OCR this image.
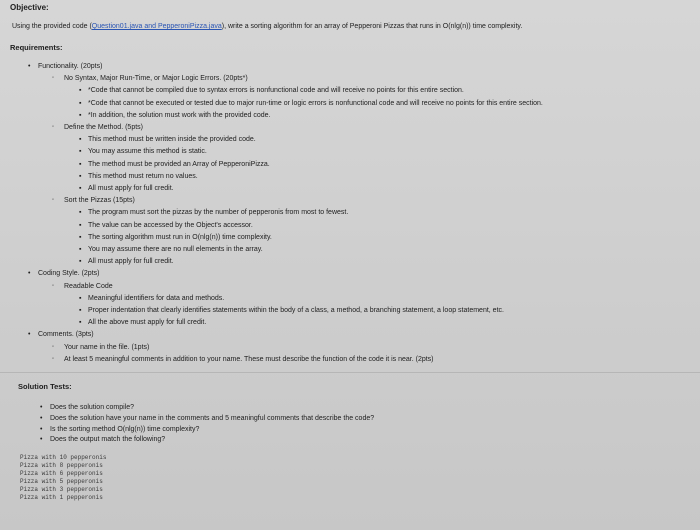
Objective:
Using the provided code (Question01.java and PepperoniPizza.java), write a sorting algorithm for an array of Pepperoni Pizzas that runs in O(nlg(n)) time complexity.
Requirements:
• Functionality. (20pts)
◦ No Syntax, Major Run-Time, or Major Logic Errors. (20pts*)
▪ *Code that cannot be compiled due to syntax errors is nonfunctional code and will receive no points for this entire section.
▪ *Code that cannot be executed or tested due to major run-time or logic errors is nonfunctional code and will receive no points for this entire section.
▪ *In addition, the solution must work with the provided code.
◦ Define the Method. (5pts)
▪ This method must be written inside the provided code.
▪ You may assume this method is static.
▪ The method must be provided an Array of PepperoniPizza.
▪ This method must return no values.
▪ All must apply for full credit.
◦ Sort the Pizzas (15pts)
▪ The program must sort the pizzas by the number of pepperonis from most to fewest.
▪ The value can be accessed by the Object's accessor.
▪ The sorting algorithm must run in O(nlg(n)) time complexity.
▪ You may assume there are no null elements in the array.
▪ All must apply for full credit.
• Coding Style. (2pts)
◦ Readable Code
▪ Meaningful identifiers for data and methods.
▪ Proper indentation that clearly identifies statements within the body of a class, a method, a branching statement, a loop statement, etc.
▪ All the above must apply for full credit.
• Comments. (3pts)
◦ Your name in the file. (1pts)
◦ At least 5 meaningful comments in addition to your name. These must describe the function of the code it is near. (2pts)
Solution Tests:
• Does the solution compile?
• Does the solution have your name in the comments and 5 meaningful comments that describe the code?
• Is the sorting method O(nlg(n)) time complexity?
• Does the output match the following?
Pizza with 10 pepperonis
Pizza with 8 pepperonis
Pizza with 6 pepperonis
Pizza with 5 pepperonis
Pizza with 3 pepperonis
Pizza with 1 pepperonis
